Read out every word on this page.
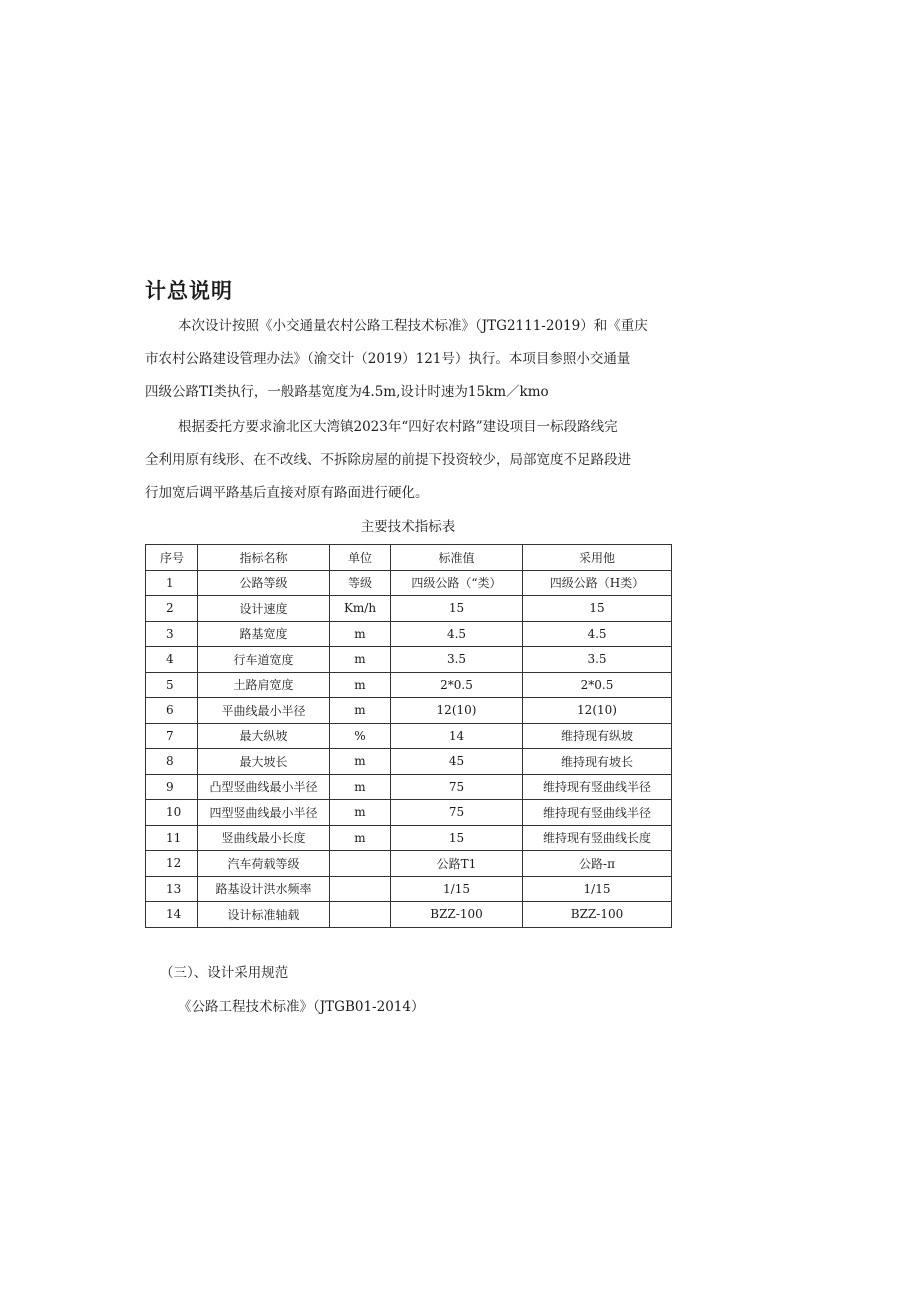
计总说明

本次设计按照《小交通量农村公路工程技术标准》（JTG2111-2019）和《重庆
市农村公路建设管理办法》（渝交计（2019）121号）执行。本项目参照小交通量
四级公路TI类执行，一般路基宽度为4.5m,设计时速为15km／kmo

根据委托方要求渝北区大湾镇2023年“四好农村路”建设项目一标段路线完
全利用原有线形、在不改线、不拆除房屋的前提下投资较少，局部宽度不足路段进
行加宽后调平路基后直接对原有路面进行硬化。

主要技术指标表

序号	指标名称	单位	标准值	采用他
1	公路等级	等级	四级公路（“类）	四级公路（H类）
2	设计速度	Km/h	15	15
3	路基宽度	m	4.5	4.5
4	行车道宽度	m	3.5	3.5
5	土路肩宽度	m	2*0.5	2*0.5
6	平曲线最小半径	m	12(10)	12(10)
7	最大纵坡	%	14	维持现有纵坡
8	最大坡长	m	45	维持现有坡长
9	凸型竖曲线最小半径	m	75	维持现有竖曲线半径
10	四型竖曲线最小半径	m	75	维持现有竖曲线半径
11	竖曲线最小长度	m	15	维持现有竖曲线长度
12	汽车荷载等级		公路T1	公路-π
13	路基设计洪水频率		1/15	1/15
14	设计标准轴载		BZZ-100	BZZ-100

（三）、设计采用规范

《公路工程技术标准》（JTGB01-2014）
